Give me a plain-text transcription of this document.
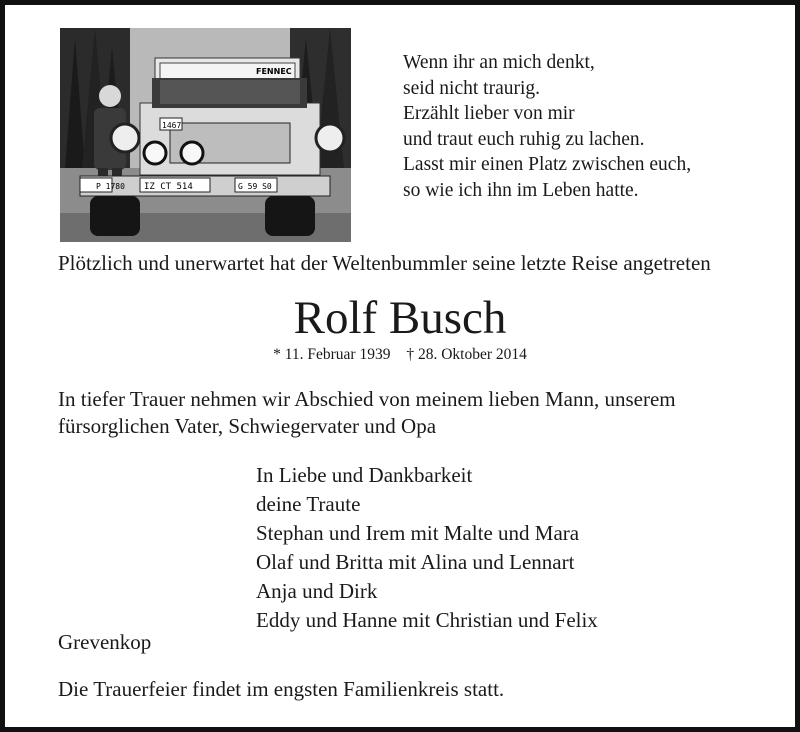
P 1780 IZ CT 514	G 59 S0
1467
FENNEC	Wenn ihr an mich denkt,
seid nicht traurig.
Erzählt lieber von mir
und traut euch ruhig zu lachen.
Lasst mir einen Platz zwischen euch,
so wie ich ihn im Leben hatte.

Plötzlich und unerwartet hat der Weltenbummler seine letzte Reise angetreten

Rolf Busch
* 11. Februar 1939 † 28. Oktober 2014
In tiefer Trauer nehmen wir Abschied von meinem lieben Mann, unserem fürsorglichen Vater, Schwiegervater und Opa
In Liebe und Dankbarkeit
deine Traute
Stephan und Irem mit Malte und Mara
Olaf und Britta mit Alina und Lennart
Anja und Dirk
Eddy und Hanne mit Christian und Felix
Grevenkop
Die Trauerfeier findet im engsten Familienkreis statt.
